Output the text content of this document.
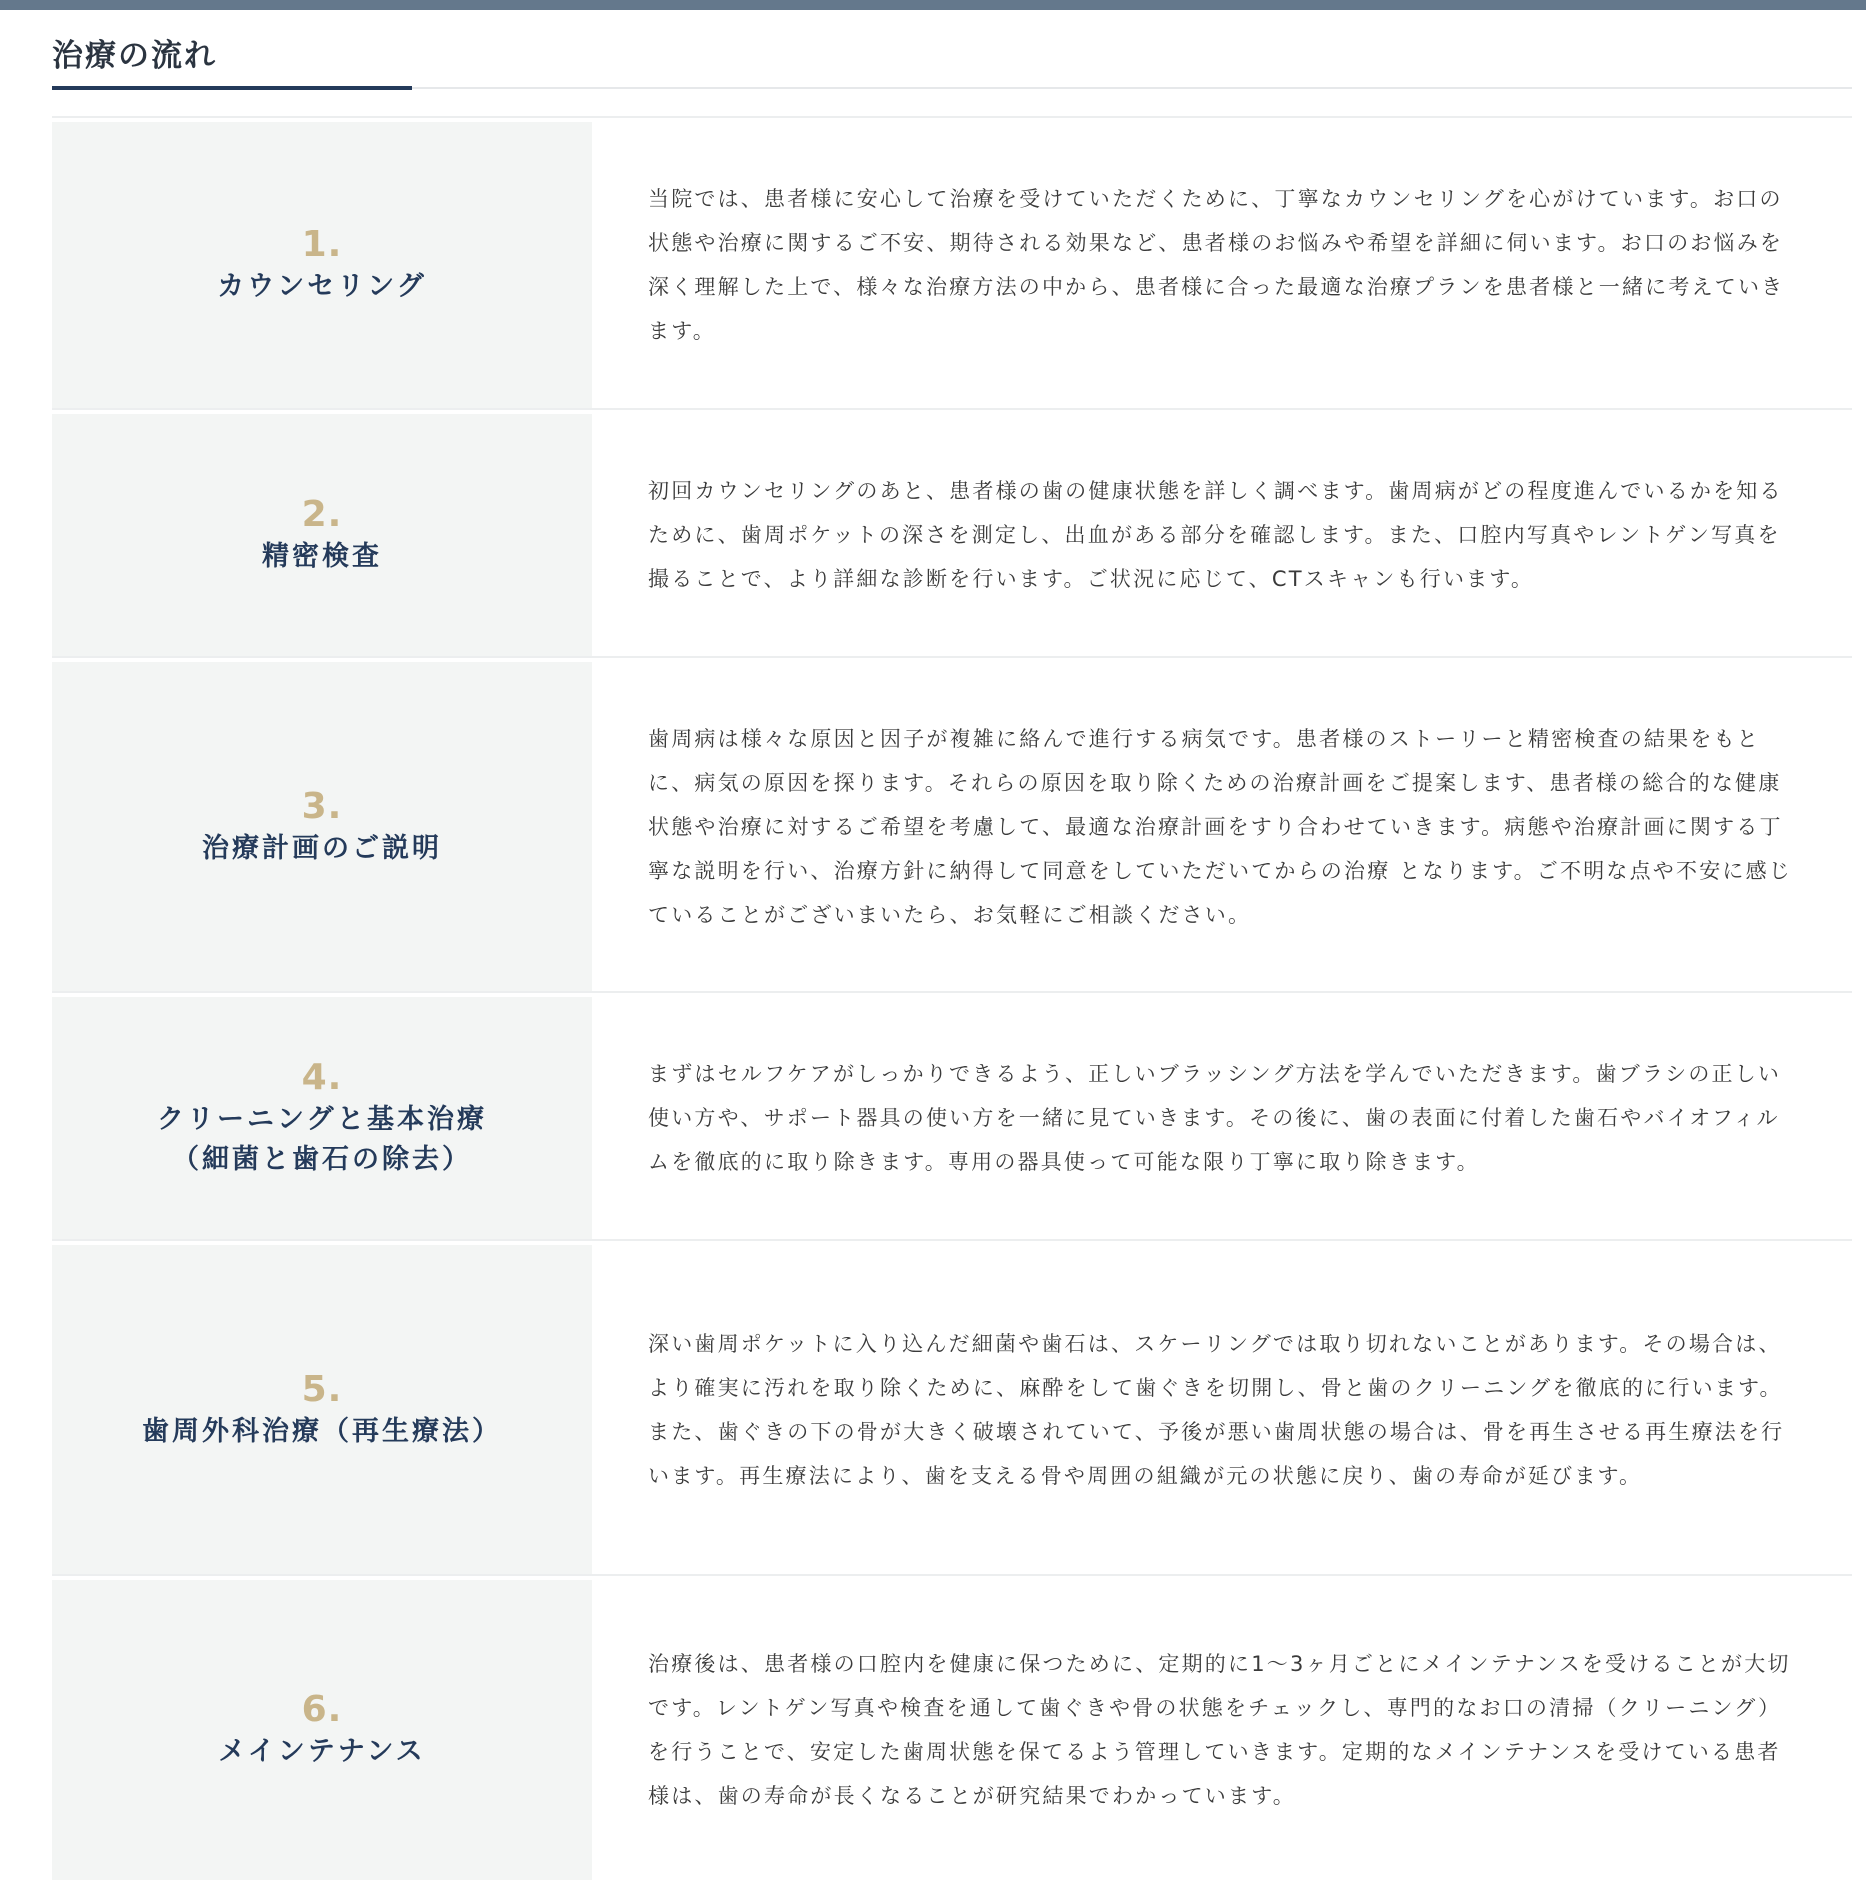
治療の流れ
1.
カウンセリング

当院では、患者様に安心して治療を受けていただくために、丁寧なカウンセリングを心がけています。お口の状態や治療に関するご不安、期待される効果など、患者様のお悩みや希望を詳細に伺います。お口のお悩みを深く理解した上で、様々な治療方法の中から、患者様に合った最適な治療プランを患者様と一緒に考えていきます。

2.
精密検査

初回カウンセリングのあと、患者様の歯の健康状態を詳しく調べます。歯周病がどの程度進んでいるかを知るために、歯周ポケットの深さを測定し、出血がある部分を確認します。また、口腔内写真やレントゲン写真を撮ることで、より詳細な診断を行います。ご状況に応じて、CTスキャンも行います。

3.
治療計画のご説明

歯周病は様々な原因と因子が複雑に絡んで進行する病気です。患者様のストーリーと精密検査の結果をもとに、病気の原因を探ります。それらの原因を取り除くための治療計画をご提案します、患者様の総合的な健康状態や治療に対するご希望を考慮して、最適な治療計画をすり合わせていきます。病態や治療計画に関する丁寧な説明を行い、治療方針に納得して同意をしていただいてからの治療 となります。ご不明な点や不安に感じていることがございまいたら、お気軽にご相談ください。

4.
クリーニングと基本治療
（細菌と歯石の除去）

まずはセルフケアがしっかりできるよう、正しいブラッシング方法を学んでいただきます。歯ブラシの正しい使い方や、サポート器具の使い方を一緒に見ていきます。その後に、歯の表面に付着した歯石やバイオフィルムを徹底的に取り除きます。専用の器具使って可能な限り丁寧に取り除きます。

5.
歯周外科治療（再生療法）

深い歯周ポケットに入り込んだ細菌や歯石は、スケーリングでは取り切れないことがあります。その場合は、より確実に汚れを取り除くために、麻酔をして歯ぐきを切開し、骨と歯のクリーニングを徹底的に行います。また、歯ぐきの下の骨が大きく破壊されていて、予後が悪い歯周状態の場合は、骨を再生させる再生療法を行います。再生療法により、歯を支える骨や周囲の組織が元の状態に戻り、歯の寿命が延びます。

6.
メインテナンス

治療後は、患者様の口腔内を健康に保つために、定期的に1〜3ヶ月ごとにメインテナンスを受けることが大切です。レントゲン写真や検査を通して歯ぐきや骨の状態をチェックし、専門的なお口の清掃（クリーニング）を行うことで、安定した歯周状態を保てるよう管理していきます。定期的なメインテナンスを受けている患者様は、歯の寿命が長くなることが研究結果でわかっています。
